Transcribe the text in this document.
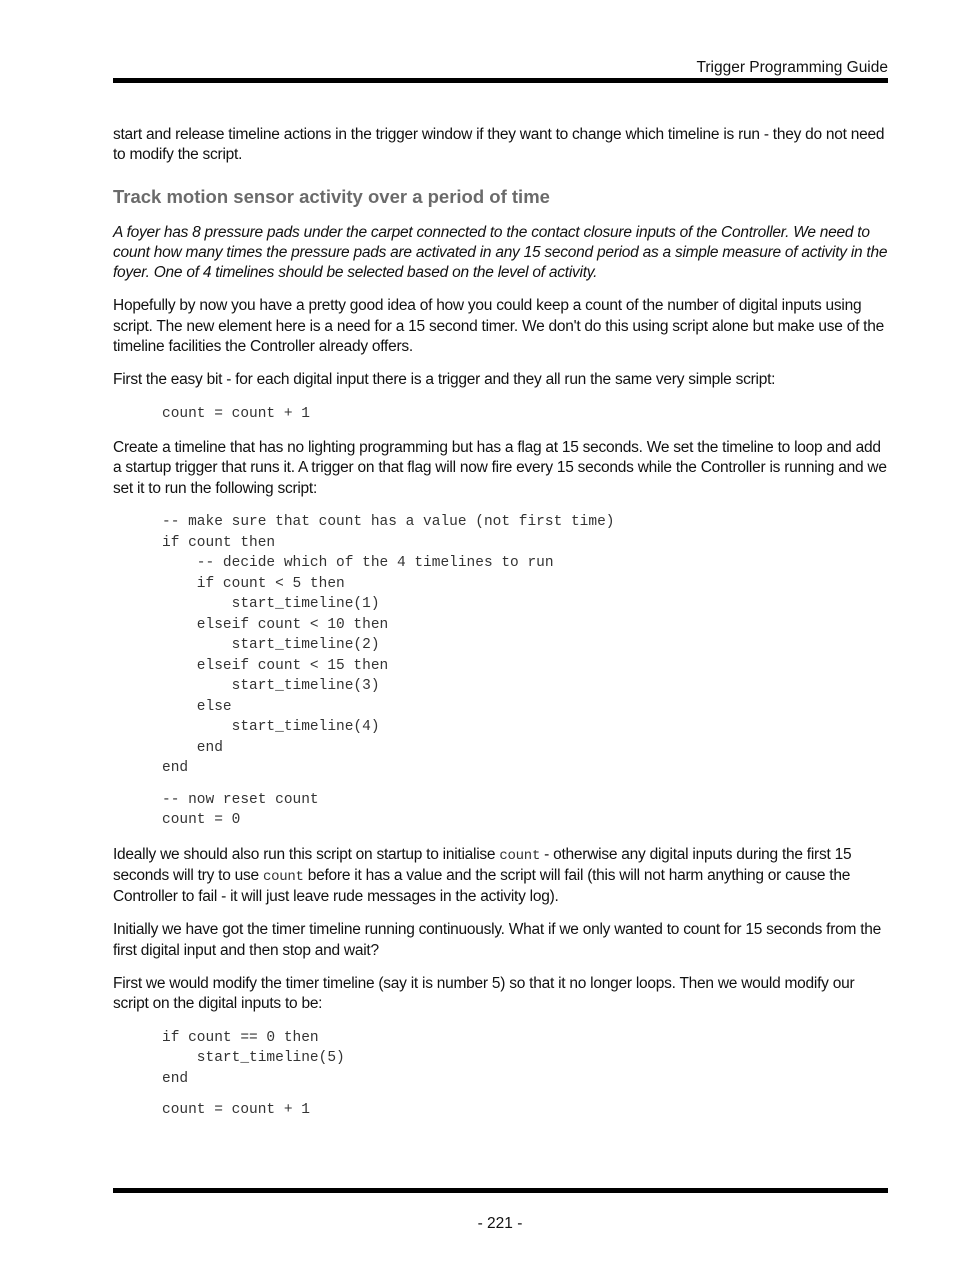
Trigger Programming Guide

start and release timeline actions in the trigger window if they want to change which timeline is run - they do not need to modify the script.

Track motion sensor activity over a period of time

A foyer has 8 pressure pads under the carpet connected to the contact closure inputs of the Controller. We need to count how many times the pressure pads are activated in any 15 second period as a simple measure of activity in the foyer. One of 4 timelines should be selected based on the level of activity.

Hopefully by now you have a pretty good idea of how you could keep a count of the number of digital inputs using script. The new element here is a need for a 15 second timer. We don't do this using script alone but make use of the timeline facilities the Controller already offers.

First the easy bit - for each digital input there is a trigger and they all run the same very simple script:

count = count + 1

Create a timeline that has no lighting programming but has a flag at 15 seconds. We set the timeline to loop and add a startup trigger that runs it. A trigger on that flag will now fire every 15 seconds while the Controller is running and we set it to run the following script:

-- make sure that count has a value (not first time)
if count then
-- decide which of the 4 timelines to run
if count < 5 then
start_timeline(1)
elseif count < 10 then
start_timeline(2)
elseif count < 15 then
start_timeline(3)
else
start_timeline(4)
end
end
-- now reset count
count = 0

Ideally we should also run this script on startup to initialise count - otherwise any digital inputs during the first 15 seconds will try to use count before it has a value and the script will fail (this will not harm anything or cause the Controller to fail - it will just leave rude messages in the activity log).

Initially we have got the timer timeline running continuously. What if we only wanted to count for 15 seconds from the first digital input and then stop and wait?

First we would modify the timer timeline (say it is number 5) so that it no longer loops. Then we would modify our script on the digital inputs to be:

if count == 0 then
start_timeline(5)
end
count = count + 1
- 221 -
